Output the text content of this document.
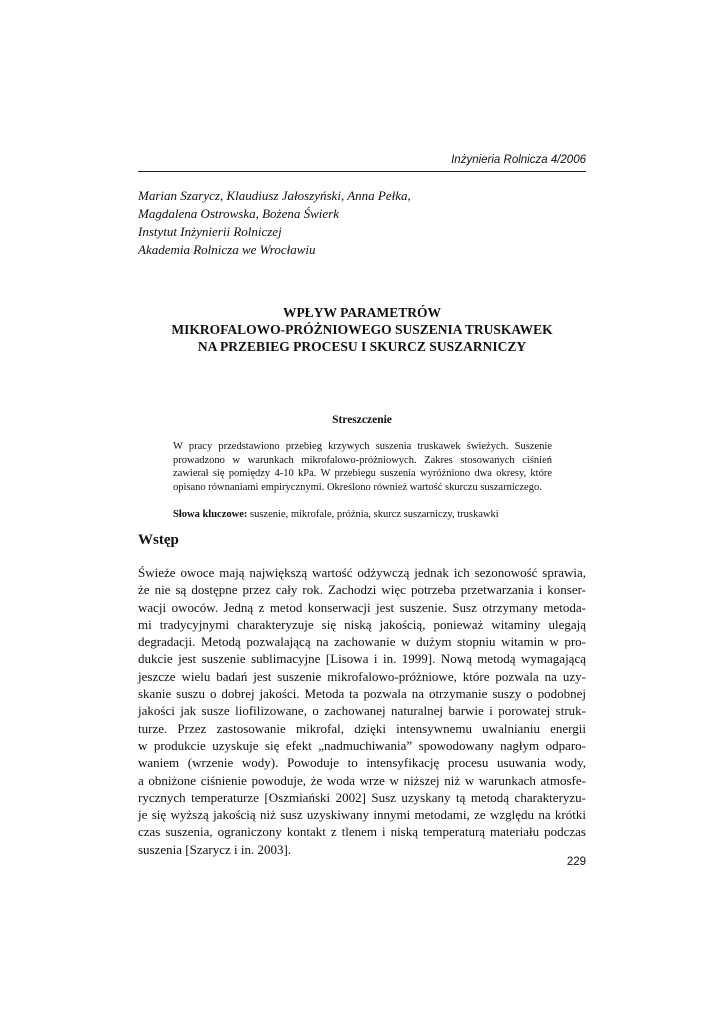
Inżynieria Rolnicza 4/2006
Marian Szarycz, Klaudiusz Jałoszyński, Anna Pełka,
Magdalena Ostrowska, Bożena Świerk
Instytut Inżynierii Rolniczej
Akademia Rolnicza we Wrocławiu
WPŁYW PARAMETRÓW
MIKROFALOWO-PRÓŻNIOWEGO SUSZENIA TRUSKAWEK
NA PRZEBIEG PROCESU I SKURCZ SUSZARNICZY
Streszczenie
W pracy przedstawiono przebieg krzywych suszenia truskawek świeżych. Suszenie
prowadzono w warunkach mikrofalowo-próżniowych. Zakres stosowanych ciśnień
zawierał się pomiędzy 4-10 kPa. W przebiegu suszenia wyróżniono dwa okresy, które
opisano równaniami empirycznymi. Określono również wartość skurczu suszarniczego.
Słowa kluczowe: suszenie, mikrofale, próżnia, skurcz suszarniczy, truskawki
Wstęp
Świeże owoce mają największą wartość odżywczą jednak ich sezonowość sprawia,
że nie są dostępne przez cały rok. Zachodzi więc potrzeba przetwarzania i konser-
wacji owoców. Jedną z metod konserwacji jest suszenie. Susz otrzymany metoda-
mi tradycyjnymi charakteryzuje się niską jakością, ponieważ witaminy ulegają
degradacji. Metodą pozwalającą na zachowanie w dużym stopniu witamin w pro-
dukcie jest suszenie sublimacyjne [Lisowa i in. 1999]. Nową metodą wymagającą
jeszcze wielu badań jest suszenie mikrofalowo-próżniowe, które pozwala na uzy-
skanie suszu o dobrej jakości. Metoda ta pozwala na otrzymanie suszy o podobnej
jakości jak susze liofilizowane, o zachowanej naturalnej barwie i porowatej struk-
turze. Przez zastosowanie mikrofal, dzięki intensywnemu uwalnianiu energii
w produkcie uzyskuje się efekt „nadmuchiwania” spowodowany nagłym odparo-
waniem (wrzenie wody). Powoduje to intensyfikację procesu usuwania wody,
a obniżone ciśnienie powoduje, że woda wrze w niższej niż w warunkach atmosfe-
rycznych temperaturze [Oszmiański 2002] Susz uzyskany tą metodą charakteryzu-
je się wyższą jakością niż susz uzyskiwany innymi metodami, ze względu na krótki
czas suszenia, ograniczony kontakt z tlenem i niską temperaturą materiału podczas
suszenia [Szarycz i in. 2003].
229
